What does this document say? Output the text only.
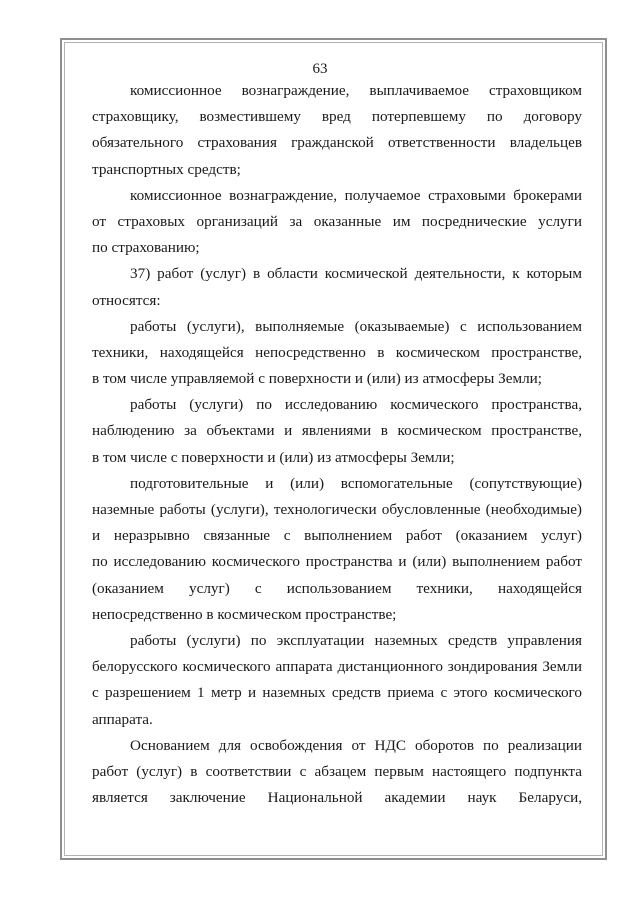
63
комиссионное вознаграждение, выплачиваемое страховщиком
страховщику, возместившему вред потерпевшему по договору
обязательного страхования гражданской ответственности владельцев
транспортных средств;
комиссионное вознаграждение, получаемое страховыми брокерами
от страховых организаций за оказанные им посреднические услуги
по страхованию;
37) работ (услуг) в области космической деятельности, к которым
относятся:
работы (услуги), выполняемые (оказываемые) с использованием
техники, находящейся непосредственно в космическом пространстве,
в том числе управляемой с поверхности и (или) из атмосферы Земли;
работы (услуги) по исследованию космического пространства,
наблюдению за объектами и явлениями в космическом пространстве,
в том числе с поверхности и (или) из атмосферы Земли;
подготовительные и (или) вспомогательные (сопутствующие)
наземные работы (услуги), технологически обусловленные (необходимые)
и неразрывно связанные с выполнением работ (оказанием услуг)
по исследованию космического пространства и (или) выполнением работ
(оказанием услуг) с использованием техники, находящейся
непосредственно в космическом пространстве;
работы (услуги) по эксплуатации наземных средств управления
белорусского космического аппарата дистанционного зондирования Земли
с разрешением 1 метр и наземных средств приема с этого космического
аппарата.
Основанием для освобождения от НДС оборотов по реализации
работ (услуг) в соответствии с абзацем первым настоящего подпункта
является заключение Национальной академии наук Беларуси,
